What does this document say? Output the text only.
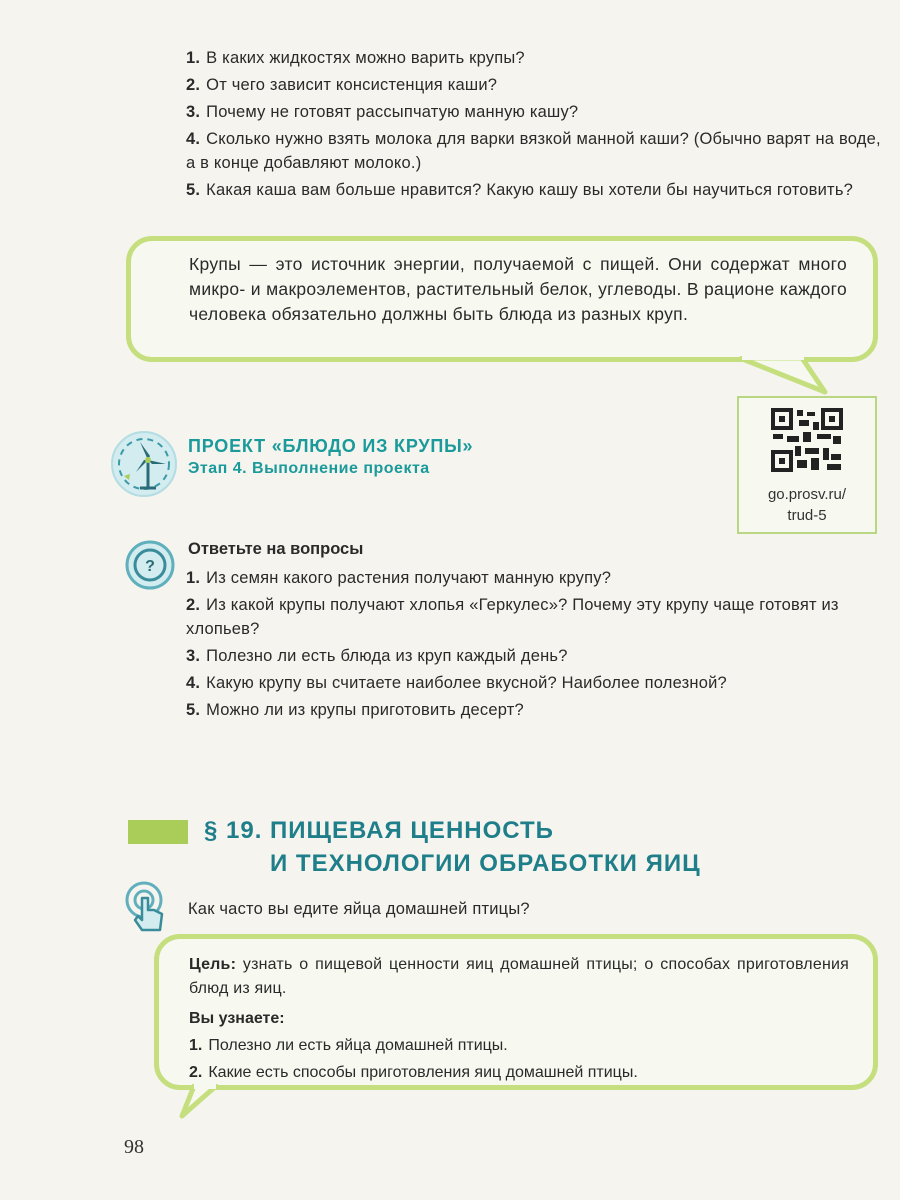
1. В каких жидкостях можно варить крупы?
2. От чего зависит консистенция каши?
3. Почему не готовят рассыпчатую манную кашу?
4. Сколько нужно взять молока для варки вязкой манной каши? (Обычно варят на воде, а в конце добавляют молоко.)
5. Какая каша вам больше нравится? Какую кашу вы хотели бы научиться готовить?

Крупы — это источник энергии, получаемой с пищей. Они содержат много микро- и макроэлементов, растительный белок, углеводы. В рационе каждого человека обязательно должны быть блюда из разных круп.

ПРОЕКТ «БЛЮДО ИЗ КРУПЫ»
Этап 4. Выполнение проекта
go.prosv.ru/
trud-5
?
Ответьте на вопросы
1. Из семян какого растения получают манную крупу?
2. Из какой крупы получают хлопья «Геркулес»? Почему эту крупу чаще готовят из хлопьев?
3. Полезно ли есть блюда из круп каждый день?
4. Какую крупу вы считаете наиболее вкусной? Наиболее полезной?
5. Можно ли из крупы приготовить десерт?
§ 19. ПИЩЕВАЯ ЦЕННОСТЬ
И ТЕХНОЛОГИИ ОБРАБОТКИ ЯИЦ
Как часто вы едите яйца домашней птицы?
Цель: узнать о пищевой ценности яиц домашней птицы; о способах приготовления блюд из яиц.
Вы узнаете:
1. Полезно ли есть яйца домашней птицы.
2. Какие есть способы приготовления яиц домашней птицы.
98
